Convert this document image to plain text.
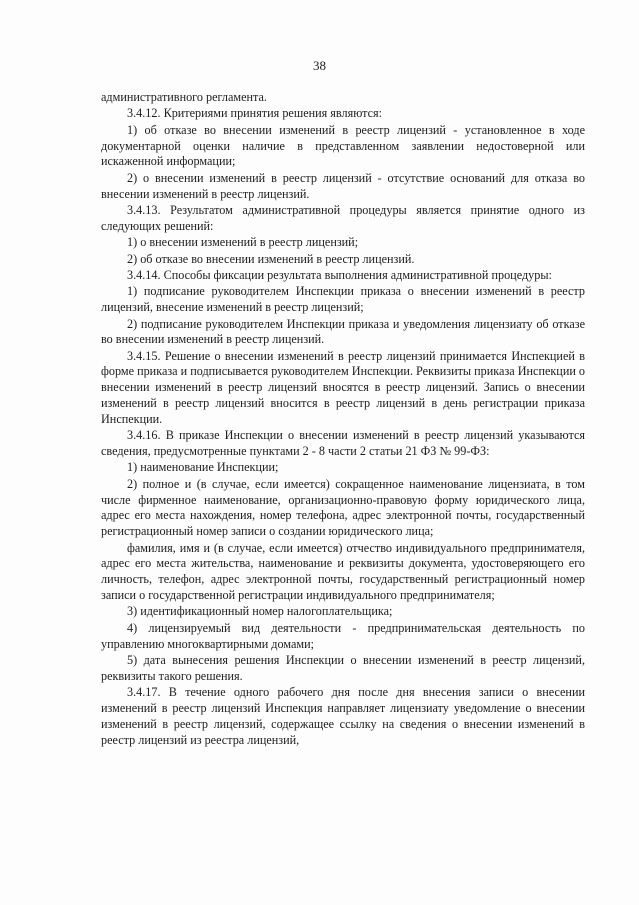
38

административного регламента.

3.4.12. Критериями принятия решения являются:

1) об отказе во внесении изменений в реестр лицензий - установленное в ходе документарной оценки наличие в представленном заявлении недостоверной или искаженной информации;

2) о внесении изменений в реестр лицензий - отсутствие оснований для отказа во внесении изменений в реестр лицензий.

3.4.13. Результатом административной процедуры является принятие одного из следующих решений:

1) о внесении изменений в реестр лицензий;

2) об отказе во внесении изменений в реестр лицензий.

3.4.14. Способы фиксации результата выполнения административной процедуры:

1) подписание руководителем Инспекции приказа о внесении изменений в реестр лицензий, внесение изменений в реестр лицензий;

2) подписание руководителем Инспекции приказа и уведомления лицензиату об отказе во внесении изменений в реестр лицензий.

3.4.15. Решение о внесении изменений в реестр лицензий принимается Инспекцией в форме приказа и подписывается руководителем Инспекции. Реквизиты приказа Инспекции о внесении изменений в реестр лицензий вносятся в реестр лицензий. Запись о внесении изменений в реестр лицензий вносится в реестр лицензий в день регистрации приказа Инспекции.

3.4.16. В приказе Инспекции о внесении изменений в реестр лицензий указываются сведения, предусмотренные пунктами 2 - 8 части 2 статьи 21 ФЗ № 99-ФЗ:

1) наименование Инспекции;

2) полное и (в случае, если имеется) сокращенное наименование лицензиата, в том числе фирменное наименование, организационно-правовую форму юридического лица, адрес его места нахождения, номер телефона, адрес электронной почты, государственный регистрационный номер записи о создании юридического лица;

фамилия, имя и (в случае, если имеется) отчество индивидуального предпринимателя, адрес его места жительства, наименование и реквизиты документа, удостоверяющего его личность, телефон, адрес электронной почты, государственный регистрационный номер записи о государственной регистрации индивидуального предпринимателя;

3) идентификационный номер налогоплательщика;

4) лицензируемый вид деятельности - предпринимательская деятельность по управлению многоквартирными домами;

5) дата вынесения решения Инспекции о внесении изменений в реестр лицензий, реквизиты такого решения.

3.4.17. В течение одного рабочего дня после дня внесения записи о внесении изменений в реестр лицензий Инспекция направляет лицензиату уведомление о внесении изменений в реестр лицензий, содержащее ссылку на сведения о внесении изменений в реестр лицензий из реестра лицензий,
